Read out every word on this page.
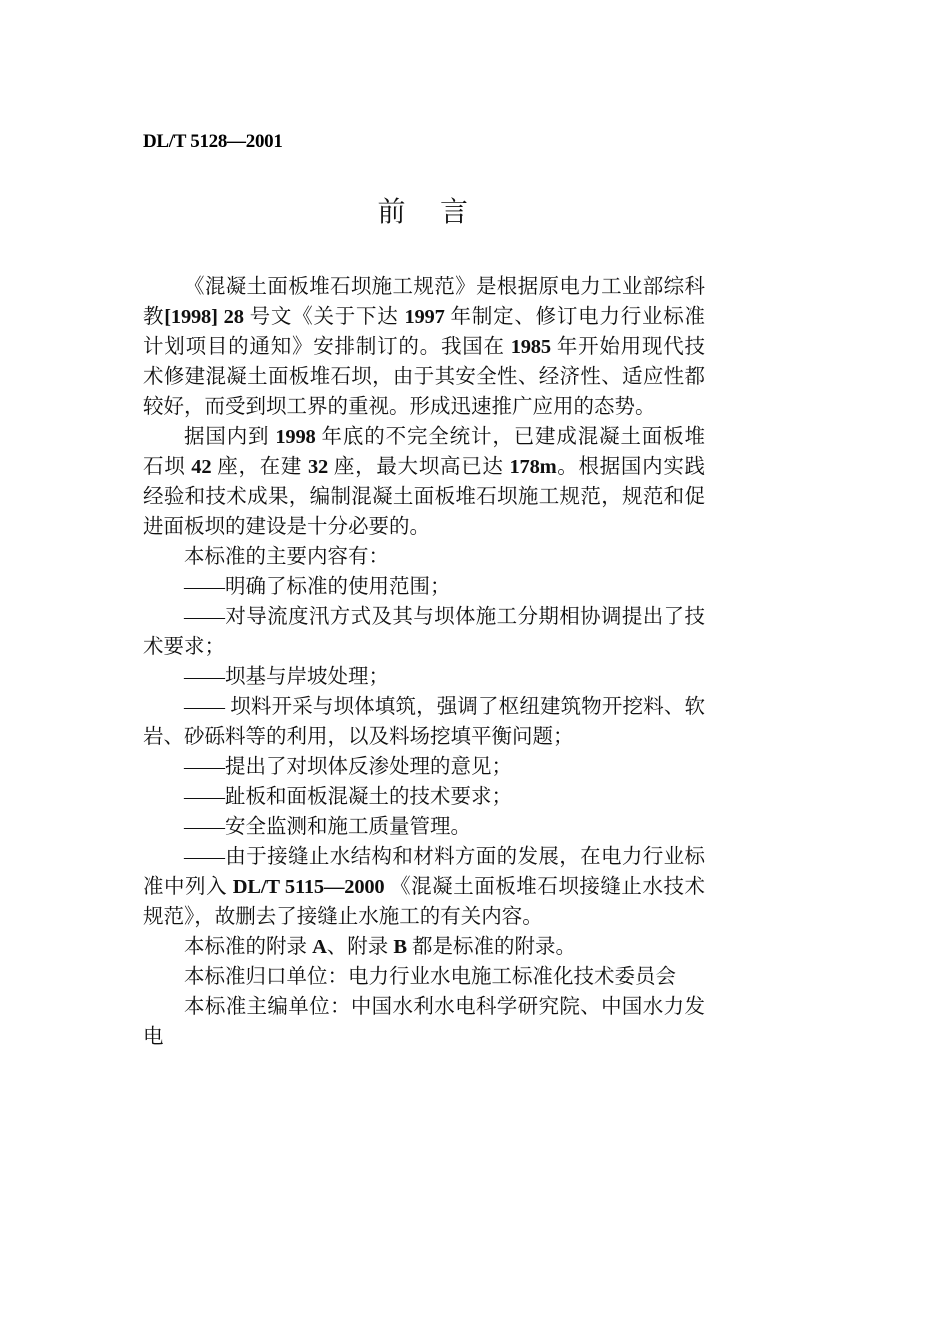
DL/T 5128—2001
前 言

《混凝土面板堆石坝施工规范》是根据原电力工业部综科教[1998] 28 号文《关于下达 1997 年制定、修订电力行业标准计划项目的通知》安排制订的。我国在 1985 年开始用现代技术修建混凝土面板堆石坝，由于其安全性、经济性、适应性都较好，而受到坝工界的重视。形成迅速推广应用的态势。

据国内到 1998 年底的不完全统计，已建成混凝土面板堆石坝 42 座，在建 32 座，最大坝高已达 178m。根据国内实践经验和技术成果，编制混凝土面板堆石坝施工规范，规范和促进面板坝的建设是十分必要的。

本标准的主要内容有：

——明确了标准的使用范围；

——对导流度汛方式及其与坝体施工分期相协调提出了技术要求；

——坝基与岸坡处理；

—— 坝料开采与坝体填筑，强调了枢纽建筑物开挖料、软岩、砂砾料等的利用，以及料场挖填平衡问题；

——提出了对坝体反渗处理的意见；

——趾板和面板混凝土的技术要求；

——安全监测和施工质量管理。

——由于接缝止水结构和材料方面的发展，在电力行业标准中列入 DL/T 5115—2000 《混凝土面板堆石坝接缝止水技术规范》，故删去了接缝止水施工的有关内容。

本标准的附录 A、附录 B 都是标准的附录。

本标准归口单位：电力行业水电施工标准化技术委员会

本标准主编单位：中国水利水电科学研究院、中国水力发电
